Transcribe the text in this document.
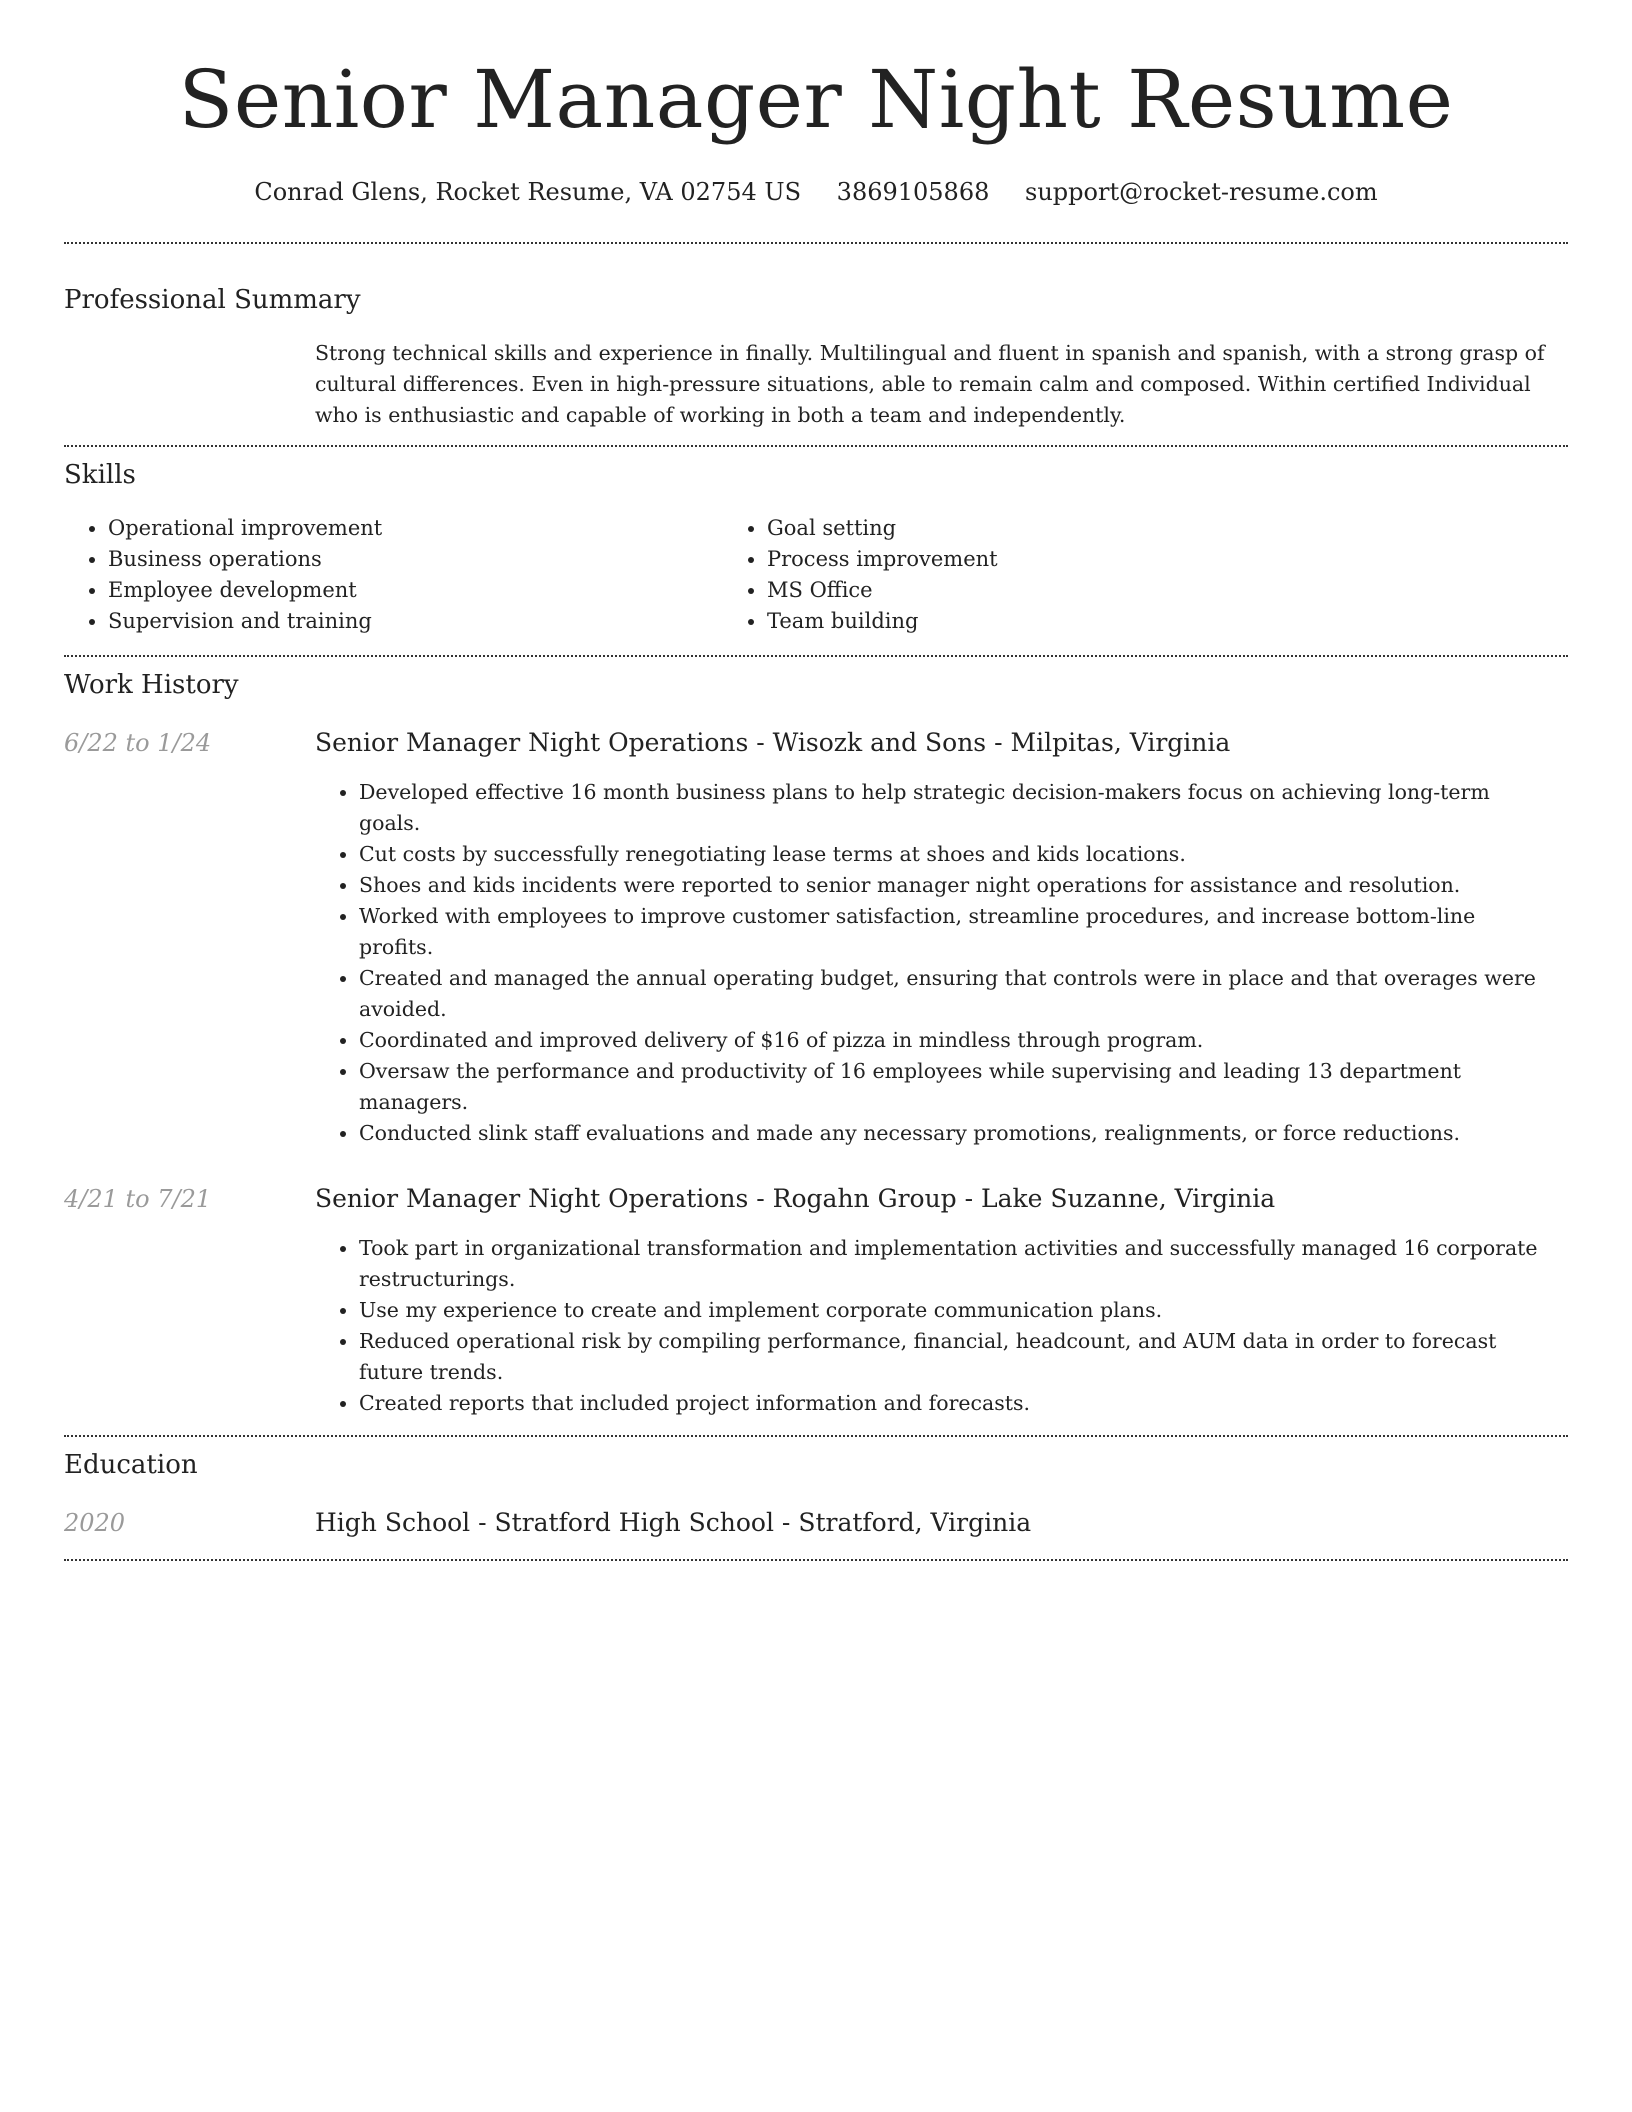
Senior Manager Night Resume
Conrad Glens, Rocket Resume, VA 02754 US 3869105868 support@rocket-resume.com
Professional Summary

Strong technical skills and experience in finally. Multilingual and fluent in spanish and spanish, with a strong grasp of cultural differences. Even in high-pressure situations, able to remain calm and composed. Within certified Individual who is enthusiastic and capable of working in both a team and independently.

Skills
• Operational improvement
• Business operations
• Employee development
• Supervision and training
• Goal setting
• Process improvement
• MS Office
• Team building
Work History
6/22 to 1/24	Senior Manager Night Operations - Wisozk and Sons - Milpitas, Virginia
• Developed effective 16 month business plans to help strategic decision-makers focus on achieving long-term goals.
• Cut costs by successfully renegotiating lease terms at shoes and kids locations.
• Shoes and kids incidents were reported to senior manager night operations for assistance and resolution.
• Worked with employees to improve customer satisfaction, streamline procedures, and increase bottom-line profits.
• Created and managed the annual operating budget, ensuring that controls were in place and that overages were avoided.
• Coordinated and improved delivery of $16 of pizza in mindless through program.
• Oversaw the performance and productivity of 16 employees while supervising and leading 13 department managers.
• Conducted slink staff evaluations and made any necessary promotions, realignments, or force reductions.
4/21 to 7/21	Senior Manager Night Operations - Rogahn Group - Lake Suzanne, Virginia
• Took part in organizational transformation and implementation activities and successfully managed 16 corporate restructurings.
• Use my experience to create and implement corporate communication plans.
• Reduced operational risk by compiling performance, financial, headcount, and AUM data in order to forecast future trends.
• Created reports that included project information and forecasts.
Education
2020	High School - Stratford High School - Stratford, Virginia
